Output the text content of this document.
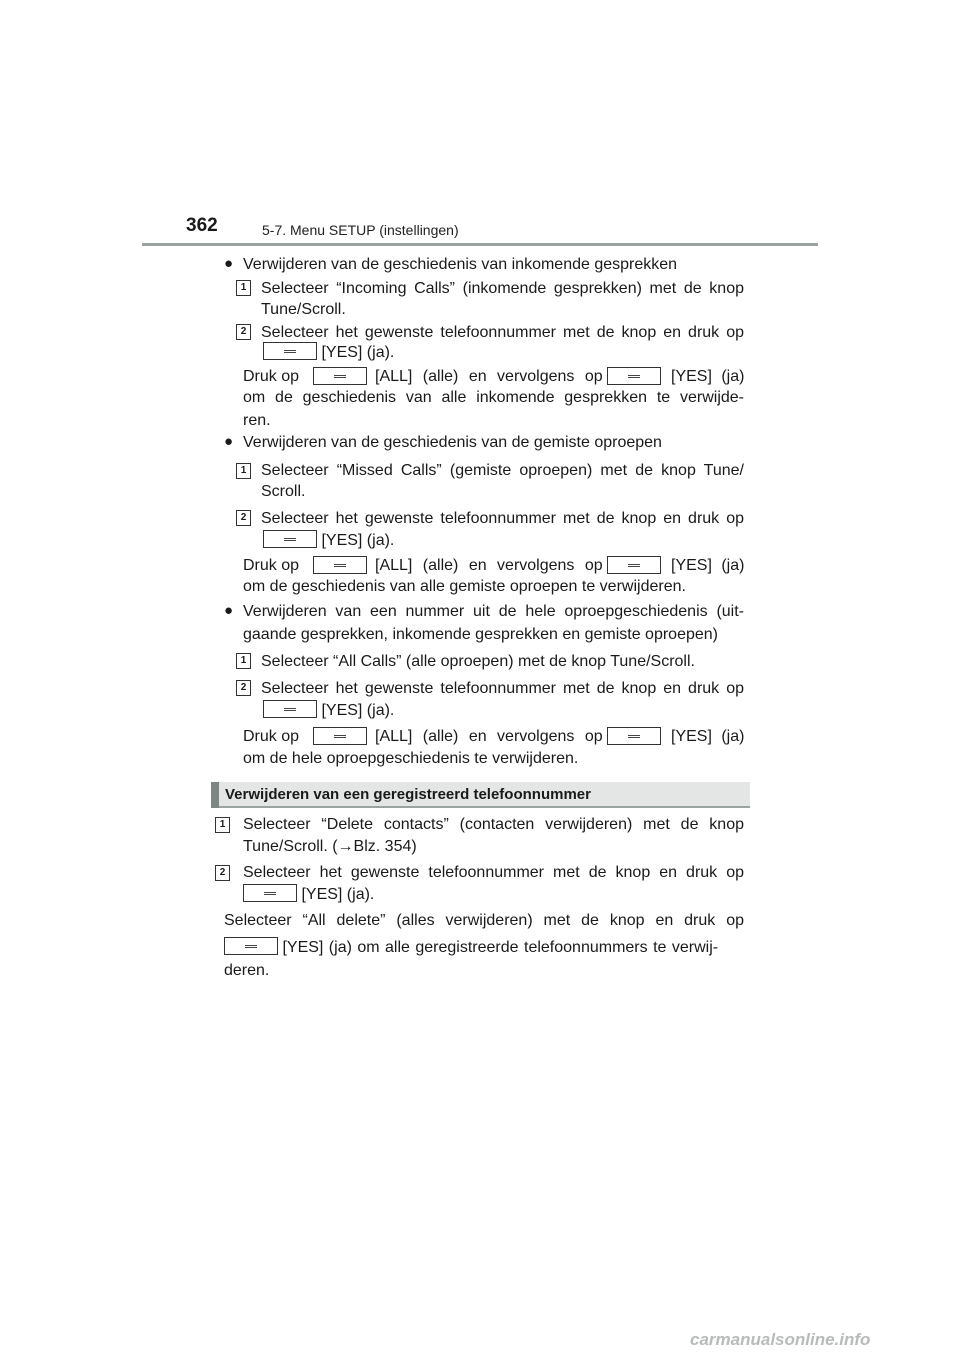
362	5-7. Menu SETUP (instellingen)
● Verwijderen van de geschiedenis van inkomende gesprekken
1 Selecteer “Incoming Calls” (inkomende gesprekken) met de knop
Tune/Scroll.
2 Selecteer het gewenste telefoonnummer met de knop en druk op
[YES] (ja).
Druk op	[ALL] (alle) en vervolgens op	[YES] (ja)
om de geschiedenis van alle inkomende gesprekken te verwijde-
ren.
● Verwijderen van de geschiedenis van de gemiste oproepen
1 Selecteer “Missed Calls” (gemiste oproepen) met de knop Tune/
Scroll.
2 Selecteer het gewenste telefoonnummer met de knop en druk op
[YES] (ja).
Druk op	[ALL] (alle) en vervolgens op	[YES] (ja)
om de geschiedenis van alle gemiste oproepen te verwijderen.
● Verwijderen van een nummer uit de hele oproepgeschiedenis (uit-
gaande gesprekken, inkomende gesprekken en gemiste oproepen)
1 Selecteer “All Calls” (alle oproepen) met de knop Tune/Scroll.
2 Selecteer het gewenste telefoonnummer met de knop en druk op
[YES] (ja).
Druk op	[ALL] (alle) en vervolgens op	[YES] (ja)
om de hele oproepgeschiedenis te verwijderen.
Verwijderen van een geregistreerd telefoonnummer
1 Selecteer “Delete contacts” (contacten verwijderen) met de knop
Tune/Scroll. (→Blz. 354)
2 Selecteer het gewenste telefoonnummer met de knop en druk op
[YES] (ja).
Selecteer “All delete” (alles verwijderen) met de knop en druk op
[YES] (ja) om alle geregistreerde telefoonnummers te verwij-
deren.
carmanualsonline.info
